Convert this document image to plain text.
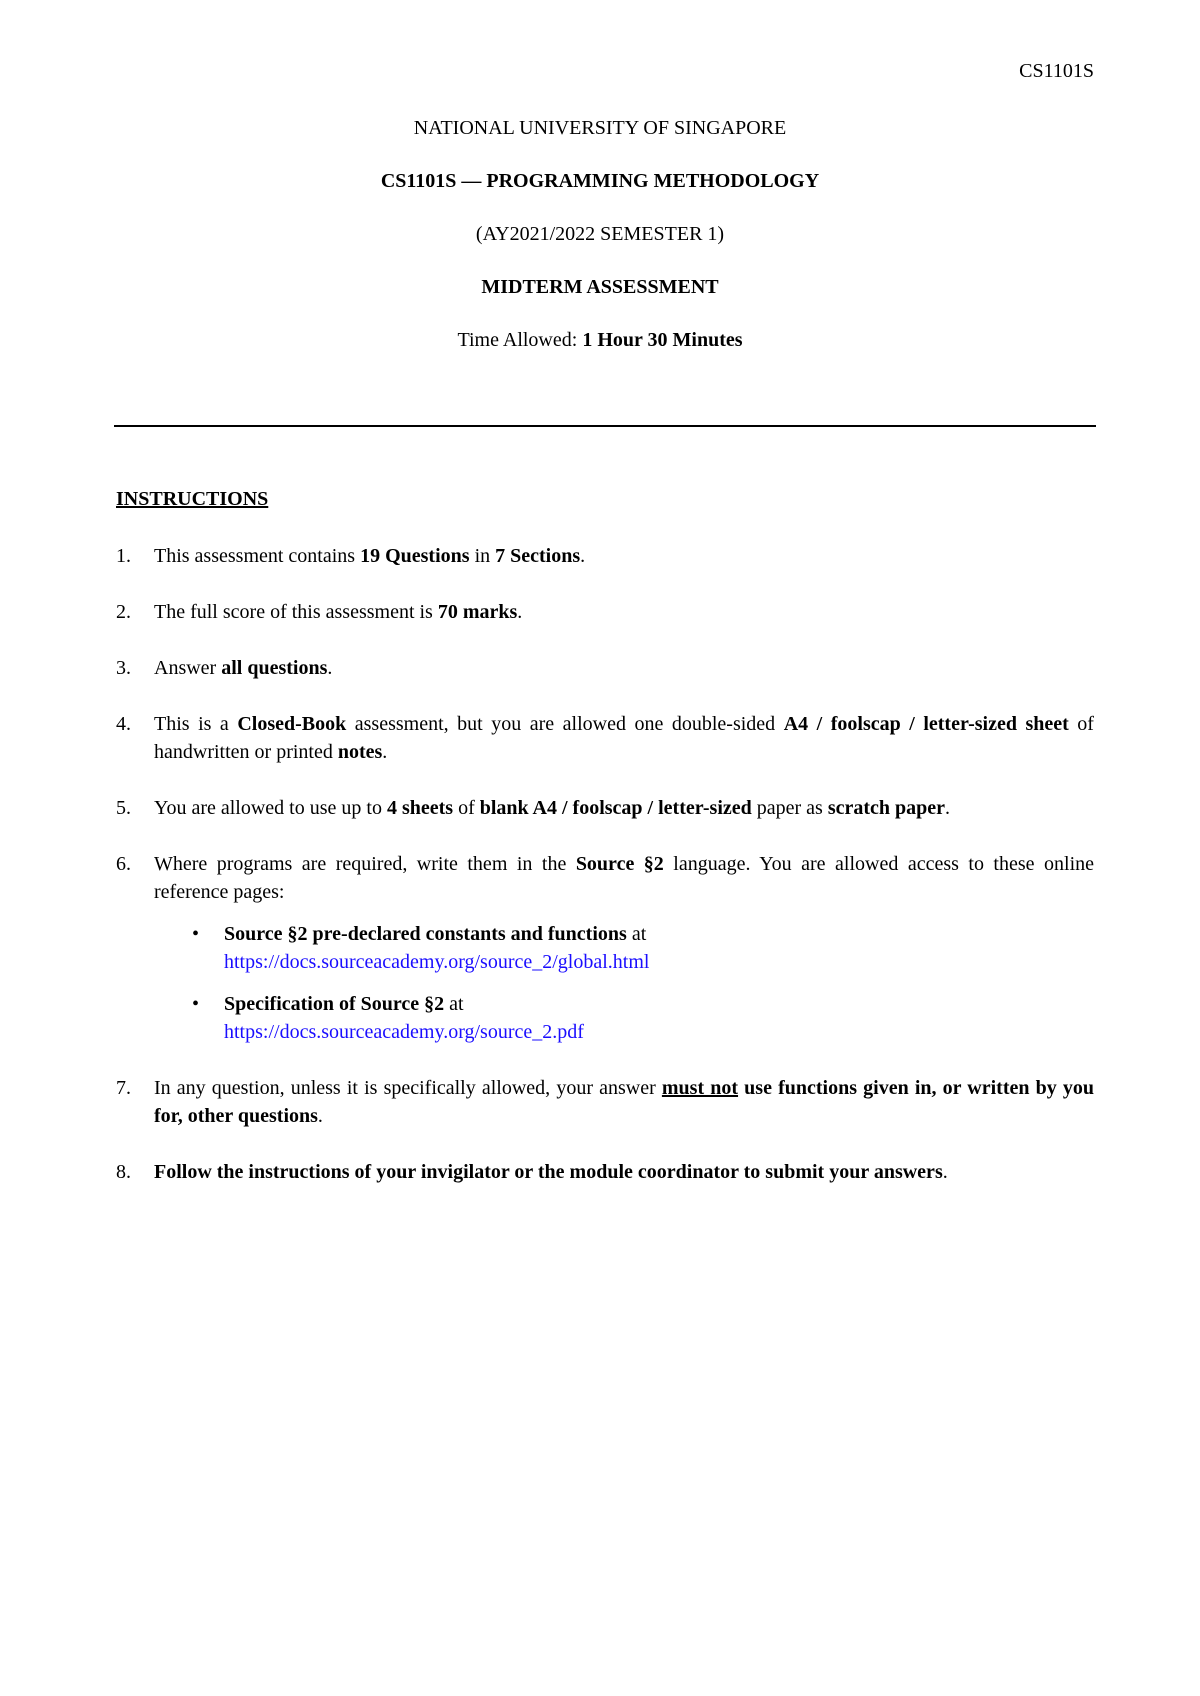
CS1101S
NATIONAL UNIVERSITY OF SINGAPORE
CS1101S — PROGRAMMING METHODOLOGY
(AY2021/2022 SEMESTER 1)
MIDTERM ASSESSMENT
Time Allowed: 1 Hour 30 Minutes
INSTRUCTIONS
1. This assessment contains 19 Questions in 7 Sections.
2. The full score of this assessment is 70 marks.
3. Answer all questions.
4. This is a Closed-Book assessment, but you are allowed one double-sided A4 / foolscap / letter-sized sheet of handwritten or printed notes.
5. You are allowed to use up to 4 sheets of blank A4 / foolscap / letter-sized paper as scratch paper.
6. Where programs are required, write them in the Source §2 language. You are allowed access to these online reference pages:
• Source §2 pre-declared constants and functions at
https://docs.sourceacademy.org/source_2/global.html
• Specification of Source §2 at
https://docs.sourceacademy.org/source_2.pdf
7. In any question, unless it is specifically allowed, your answer must not use functions given in, or written by you for, other questions.
8. Follow the instructions of your invigilator or the module coordinator to submit your answers.
